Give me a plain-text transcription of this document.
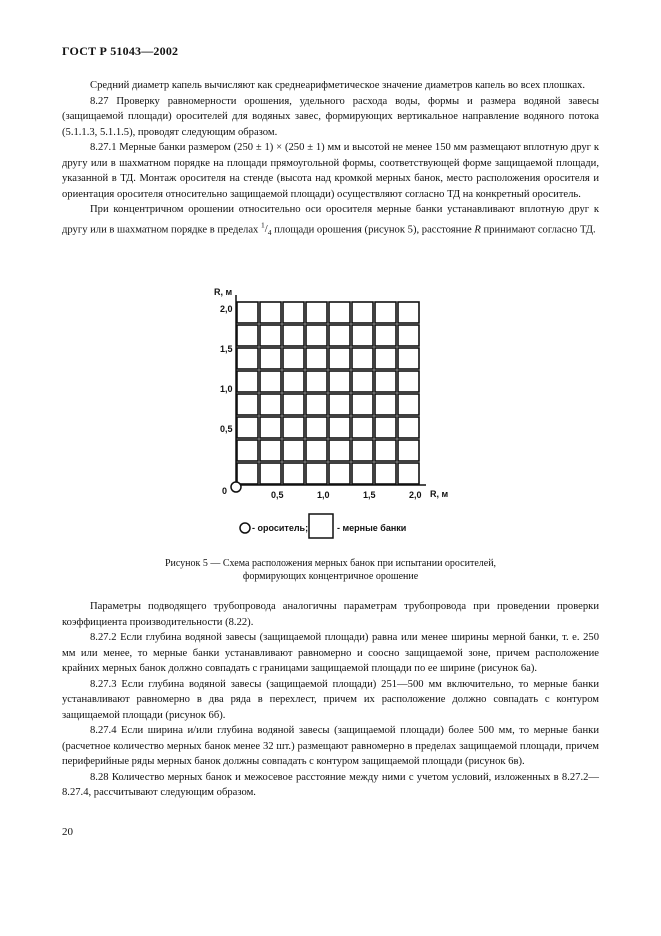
ГОСТ Р 51043—2002

Средний диаметр капель вычисляют как среднеарифметическое значение диаметров капель во всех плошках.

8.27 Проверку равномерности орошения, удельного расхода воды, формы и размера водяной завесы (защищаемой площади) оросителей для водяных завес, формирующих вертикальное направление водяного потока (5.1.1.3, 5.1.1.5), проводят следующим образом.

8.27.1 Мерные банки размером (250 ± 1) × (250 ± 1) мм и высотой не менее 150 мм размещают вплотную друг к другу или в шахматном порядке на площади прямоугольной формы, соответствующей форме защищаемой площади, указанной в ТД. Монтаж оросителя на стенде (высота над кромкой мерных банок, место расположения оросителя и ориентация оросителя относительно защищаемой площади) осуществляют согласно ТД на конкретный ороситель.

При концентричном орошении относительно оси оросителя мерные банки устанавливают вплотную друг к другу или в шахматном порядке в пределах $^1/_4$ площади орошения (рисунок 5), расстояние R принимают согласно ТД.

R, м
R, м
0
2,0
1,5
1,0
0,5
0,5	1,0	1,5	2,0
- ороситель;	- мерные банки
Рисунок 5 — Схема расположения мерных банок при испытании оросителей,
формирующих концентричное орошение

Параметры подводящего трубопровода аналогичны параметрам трубопровода при проведении проверки коэффициента производительности (8.22).

8.27.2 Если глубина водяной завесы (защищаемой площади) равна или менее ширины мерной банки, т. е. 250 мм или менее, то мерные банки устанавливают равномерно и соосно защищаемой зоне, причем расположение крайних мерных банок должно совпадать с границами защищаемой площади по ее ширине (рисунок 6а).

8.27.3 Если глубина водяной завесы (защищаемой площади) 251—500 мм включительно, то мерные банки устанавливают равномерно в два ряда в перехлест, причем их расположение должно совпадать с контуром защищаемой площади (рисунок 6б).

8.27.4 Если ширина и/или глубина водяной завесы (защищаемой площади) более 500 мм, то мерные банки (расчетное количество мерных банок менее 32 шт.) размещают равномерно в пределах защищаемой площади, причем периферийные ряды мерных банок должны совпадать с контуром защищаемой площади (рисунок 6в).

8.28 Количество мерных банок и межосевое расстояние между ними с учетом условий, изложенных в 8.27.2—8.27.4, рассчитывают следующим образом.

20
